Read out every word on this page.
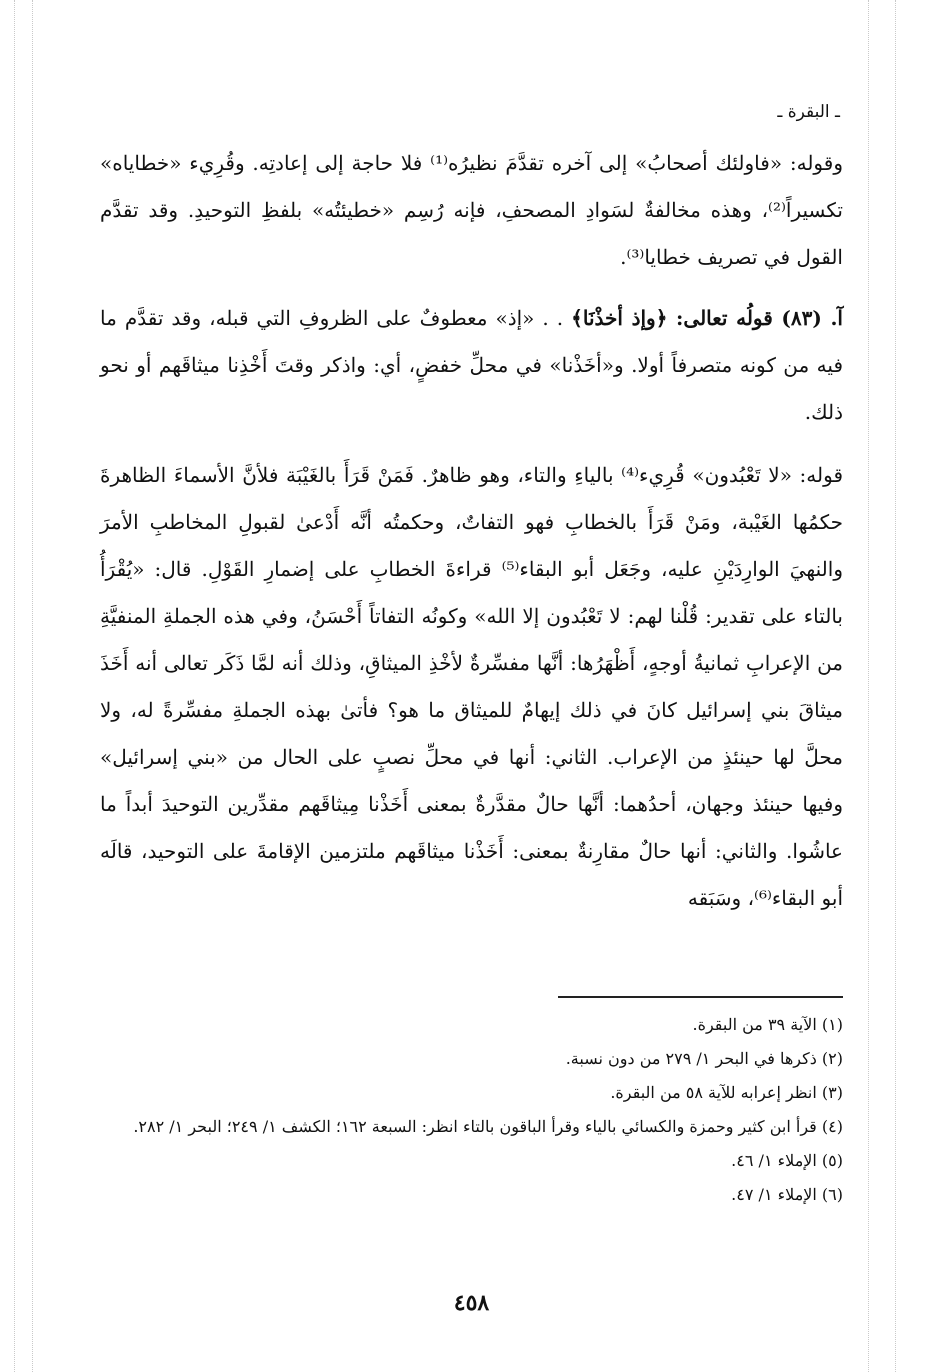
ـ البقرة ـ

وقوله: «فاولئك أصحابُ» إلى آخره تقدَّمَ نظيرُه⁽¹⁾ فلا حاجة إلى إعادتِه. وقُرِيء «خطاياه» تكسيراً⁽²⁾، وهذه مخالفةٌ لسَوادِ المصحفِ، فإنه رُسِم «خطيئتُه» بلفظِ التوحيدِ. وقد تقدَّم القول في تصريف خطايا⁽³⁾.

آ. (٨٣) قولُه تعالى: ﴿وإذ أخذْنَا﴾ . . «إذ» معطوفٌ على الظروفِ التي قبله، وقد تقدَّم ما فيه من كونه متصرفاً أولا. و«أخَذْنا» في محلِّ خفضٍ، أي: واذكر وقتَ أَخْذِنا ميثاقَهم أو نحو ذلك.

قوله: «لا تَعْبُدون» قُرِيء⁽⁴⁾ بالياءِ والتاء، وهو ظاهرٌ. فَمَنْ قَرَأَ بالغَيْبَة فلأنَّ الأسماءَ الظاهرةَ حكمُها الغَيْبة، ومَنْ قَرَأَ بالخطابِ فهو التفاتٌ، وحكمتُه أنَّه أَدْعىٰ لقبولِ المخاطبِ الأمرَ والنهيَ الوارِدَيْنِ عليه، وجَعَل أبو البقاء⁽⁵⁾ قراءةَ الخطابِ على إضمارِ القَوْلِ. قال: «يُقْرَأُ بالتاء على تقدير: قُلْنا لهم: لا تَعْبُدون إلا الله» وكونُه التفاتاً أَحْسَنُ، وفي هذه الجملةِ المنفيَّةِ من الإعرابِ ثمانيةُ أوجهٍ، أَظْهَرُها: أنَّها مفسِّرةٌ لأخْذِ الميثاقِ، وذلك أنه لمَّا ذَكَر تعالى أنه أَخَذَ ميثاقَ بني إسرائيل كانَ في ذلك إيهامٌ للميثاق ما هو؟ فأتىٰ بهذه الجملةِ مفسِّرةً له، ولا محلَّ لها حينئذٍ من الإعراب. الثاني: أنها في محلِّ نصبٍ على الحال من «بني إسرائيل» وفيها حينئذ وجهان، أحدُهما: أنَّها حالٌ مقدَّرةٌ بمعنى أَخَذْنا مِيثاقَهم مقدِّرين التوحيدَ أبداً ما عاشُوا. والثاني: أنها حالٌ مقارِنةٌ بمعنى: أَخَذْنا ميثاقَهم ملتزمين الإقامةَ على التوحيد، قالَه أبو البقاء⁽⁶⁾، وسَبَقه

(١) الآية ٣٩ من البقرة.
(٢) ذكرها في البحر ١/ ٢٧٩ من دون نسبة.
(٣) انظر إعرابه للآية ٥٨ من البقرة.
(٤) قرأ ابن كثير وحمزة والكسائي بالياء وقرأ الباقون بالتاء انظر: السبعة ١٦٢؛ الكشف ١/ ٢٤٩؛ البحر ١/ ٢٨٢.
(٥) الإملاء ١/ ٤٦.
(٦) الإملاء ١/ ٤٧.
٤٥٨
